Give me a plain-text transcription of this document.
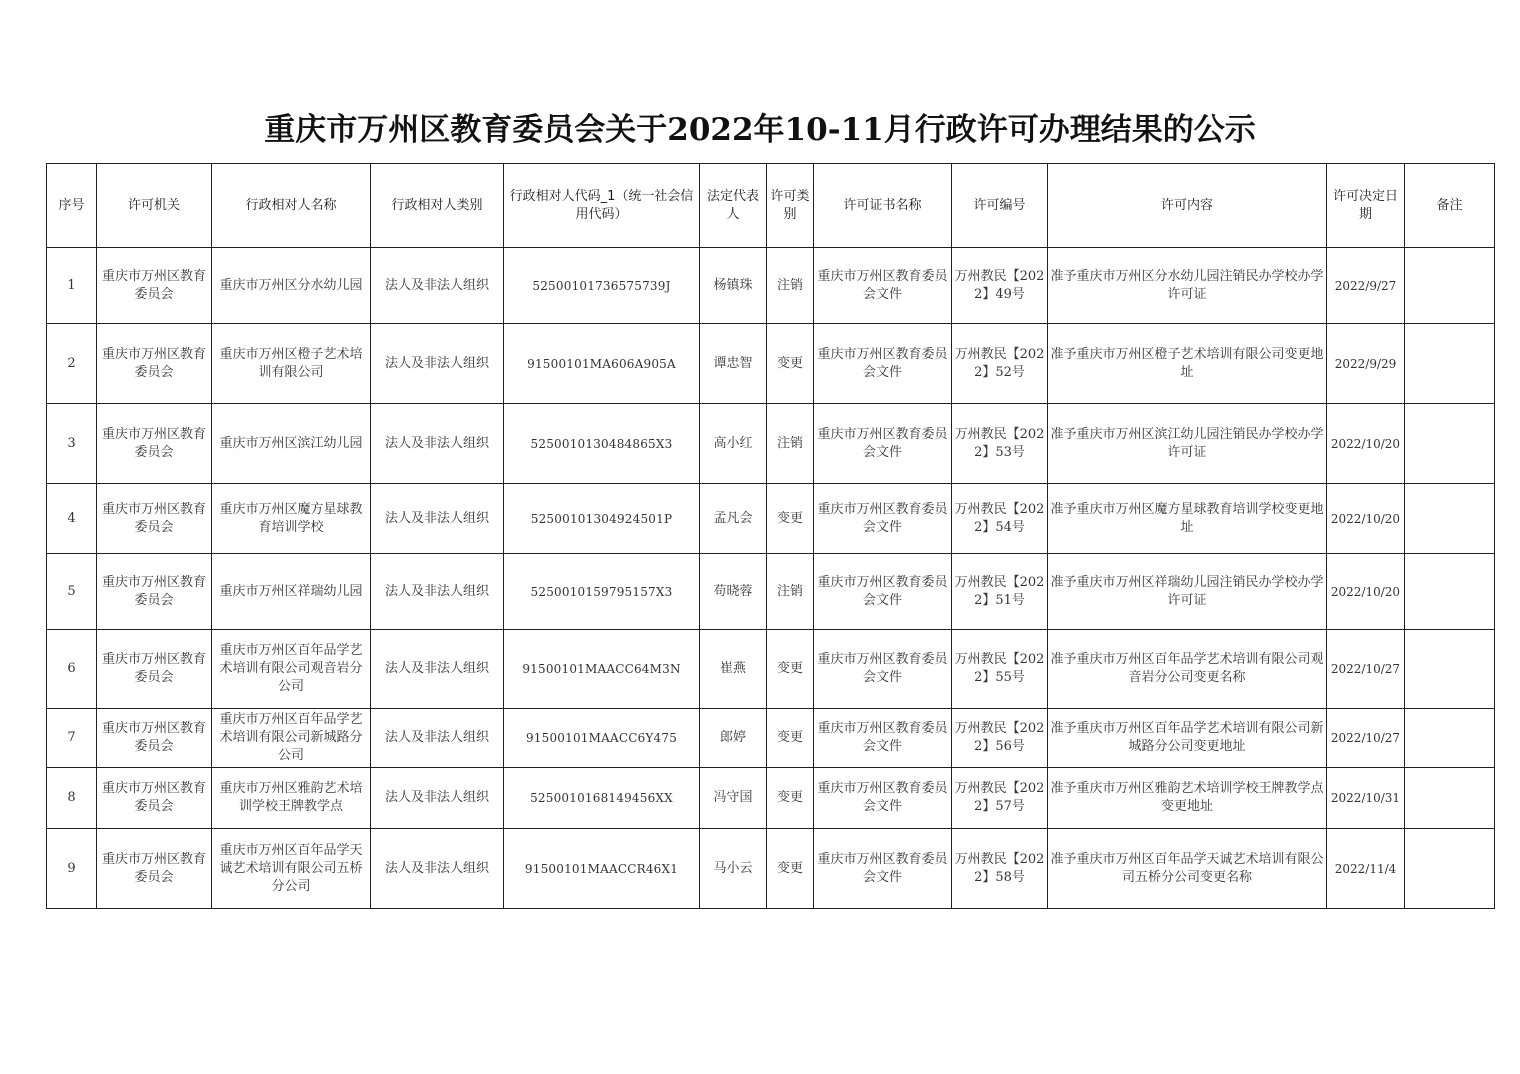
重庆市万州区教育委员会关于2022年10-11月行政许可办理结果的公示
序号	许可机关	行政相对人名称	行政相对人类别	行政相对人代码_1（统一社会信用代码）	法定代表人	许可类别	许可证书名称	许可编号	许可内容	许可决定日期	备注
1	重庆市万州区教育委员会	重庆市万州区分水幼儿园	法人及非法人组织	52500101736575739J	杨镇珠	注销	重庆市万州区教育委员会文件	万州教民【2022】49号	准予重庆市万州区分水幼儿园注销民办学校办学许可证	2022/9/27	
2	重庆市万州区教育委员会	重庆市万州区橙子艺术培训有限公司	法人及非法人组织	91500101MA606A905A	谭忠智	变更	重庆市万州区教育委员会文件	万州教民【2022】52号	准予重庆市万州区橙子艺术培训有限公司变更地址	2022/9/29	
3	重庆市万州区教育委员会	重庆市万州区滨江幼儿园	法人及非法人组织	5250010130484865X3	高小红	注销	重庆市万州区教育委员会文件	万州教民【2022】53号	准予重庆市万州区滨江幼儿园注销民办学校办学许可证	2022/10/20	
4	重庆市万州区教育委员会	重庆市万州区魔方星球教育培训学校	法人及非法人组织	52500101304924501P	孟凡会	变更	重庆市万州区教育委员会文件	万州教民【2022】54号	准予重庆市万州区魔方星球教育培训学校变更地址	2022/10/20	
5	重庆市万州区教育委员会	重庆市万州区祥瑞幼儿园	法人及非法人组织	5250010159795157X3	苟晓蓉	注销	重庆市万州区教育委员会文件	万州教民【2022】51号	准予重庆市万州区祥瑞幼儿园注销民办学校办学许可证	2022/10/20	
6	重庆市万州区教育委员会	重庆市万州区百年品学艺术培训有限公司观音岩分公司	法人及非法人组织	91500101MAACC64M3N	崔燕	变更	重庆市万州区教育委员会文件	万州教民【2022】55号	准予重庆市万州区百年品学艺术培训有限公司观音岩分公司变更名称	2022/10/27	
7	重庆市万州区教育委员会	重庆市万州区百年品学艺术培训有限公司新城路分公司	法人及非法人组织	91500101MAACC6Y475	郎婷	变更	重庆市万州区教育委员会文件	万州教民【2022】56号	准予重庆市万州区百年品学艺术培训有限公司新城路分公司变更地址	2022/10/27	
8	重庆市万州区教育委员会	重庆市万州区雅韵艺术培训学校王牌教学点	法人及非法人组织	5250010168149456XX	冯守国	变更	重庆市万州区教育委员会文件	万州教民【2022】57号	准予重庆市万州区雅韵艺术培训学校王牌教学点变更地址	2022/10/31	
9	重庆市万州区教育委员会	重庆市万州区百年品学天诚艺术培训有限公司五桥分公司	法人及非法人组织	91500101MAACCR46X1	马小云	变更	重庆市万州区教育委员会文件	万州教民【2022】58号	准予重庆市万州区百年品学天诚艺术培训有限公司五桥分公司变更名称	2022/11/4	
